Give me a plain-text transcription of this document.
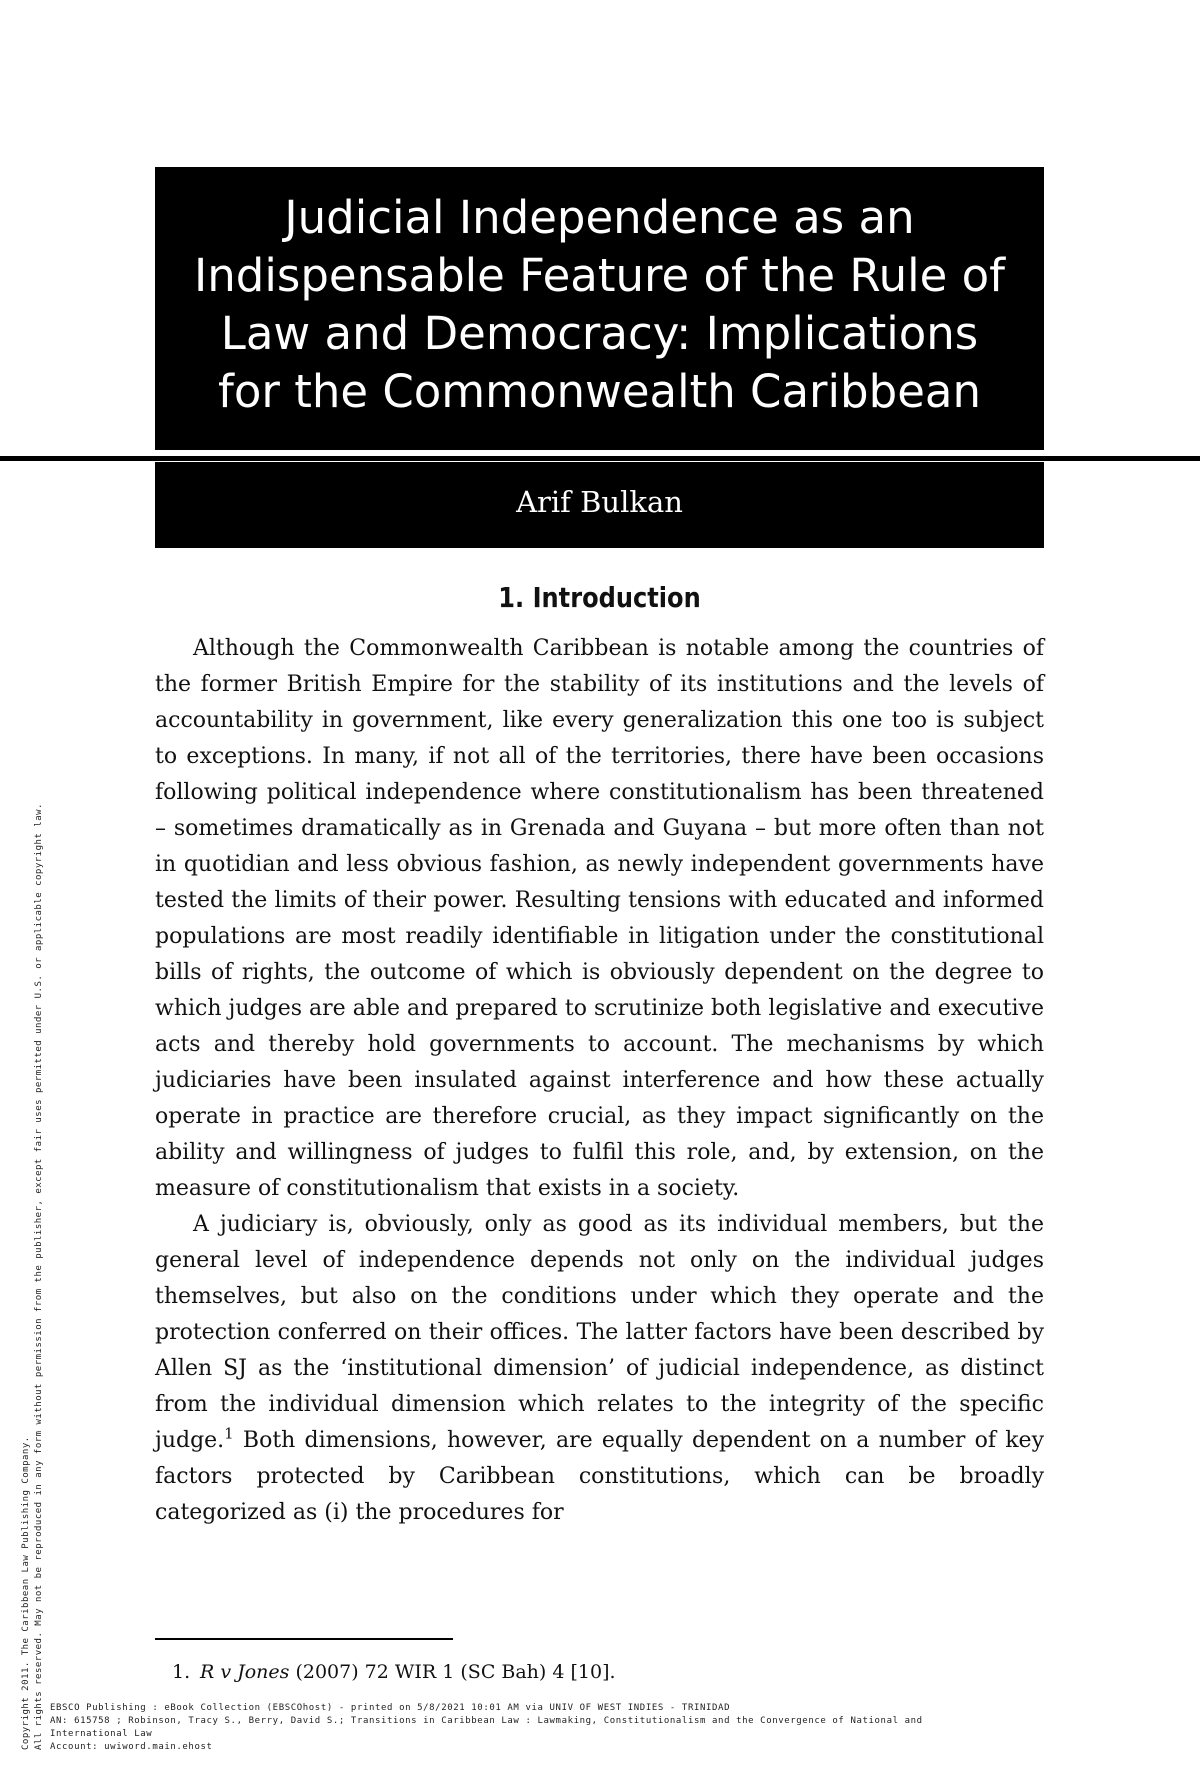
Judicial Independence as an
Indispensable Feature of the Rule of
Law and Democracy: Implications
for the Commonwealth Caribbean
Arif Bulkan
1. Introduction

Although the Commonwealth Caribbean is notable among the countries of the former British Empire for the stability of its institutions and the levels of accountability in government, like every generalization this one too is subject to exceptions. In many, if not all of the territories, there have been occasions following political independence where constitutionalism has been threatened – sometimes dramatically as in Grenada and Guyana – but more often than not in quotidian and less obvious fashion, as newly independent governments have tested the limits of their power. Resulting tensions with educated and informed populations are most readily identifiable in litigation under the constitutional bills of rights, the outcome of which is obviously dependent on the degree to which judges are able and prepared to scrutinize both legislative and executive acts and thereby hold governments to account. The mechanisms by which judiciaries have been insulated against interference and how these actually operate in practice are therefore crucial, as they impact significantly on the ability and willingness of judges to fulfil this role, and, by extension, on the measure of constitutionalism that exists in a society.

A judiciary is, obviously, only as good as its individual members, but the general level of independence depends not only on the individual judges themselves, but also on the conditions under which they operate and the protection conferred on their offices. The latter factors have been described by Allen SJ as the ‘institutional dimension’ of judicial independence, as distinct from the individual dimension which relates to the integrity of the specific judge.$^1$ Both dimensions, however, are equally dependent on a number of key factors protected by Caribbean constitutions, which can be broadly categorized as (i) the procedures for

1. R v Jones (2007) 72 WIR 1 (SC Bah) 4 [10].
Copyright 2011. The Caribbean Law Publishing Company. All rights reserved. May not be reproduced in any form without permission from the publisher, except fair uses permitted under U.S. or applicable copyright law. EBSCO Publishing : eBook Collection (EBSCOhost) - printed on 5/8/2021 10:01 AM via UNIV OF WEST INDIES - TRINIDAD
AN: 615758 ; Robinson, Tracy S., Berry, David S.; Transitions in Caribbean Law : Lawmaking, Constitutionalism and the Convergence of National and
International Law
Account: uwiword.main.ehost
